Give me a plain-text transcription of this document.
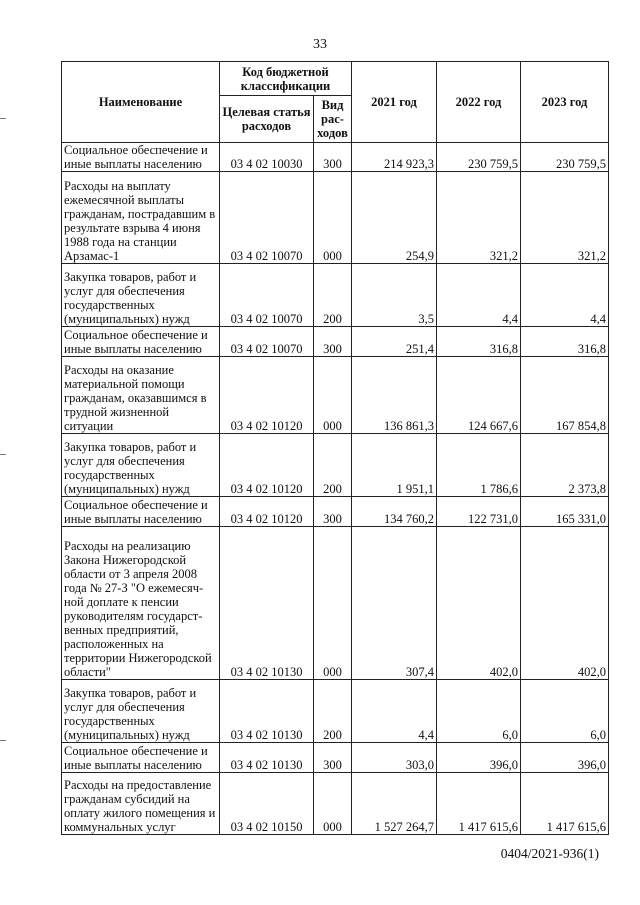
33
Наименование	Код бюджетной классификации		2021 год	2022 год	2023 год
	Целевая статья расходов	Вид рас-ходов			
Социальное обеспечение и иные выплаты населению	03 4 02 10030	300	214 923,3	230 759,5	230 759,5
Расходы на выплату ежемесячной выплаты гражданам, пострадавшим в результате взрыва 4 июня 1988 года на станции Арзамас-1	03 4 02 10070	000	254,9	321,2	321,2
Закупка товаров, работ и услуг для обеспечения государственных (муниципальных) нужд	03 4 02 10070	200	3,5	4,4	4,4
Социальное обеспечение и иные выплаты населению	03 4 02 10070	300	251,4	316,8	316,8
Расходы на оказание материальной помощи гражданам, оказавшимся в трудной жизненной ситуации	03 4 02 10120	000	136 861,3	124 667,6	167 854,8
Закупка товаров, работ и услуг для обеспечения государственных (муниципальных) нужд	03 4 02 10120	200	1 951,1	1 786,6	2 373,8
Социальное обеспечение и иные выплаты населению	03 4 02 10120	300	134 760,2	122 731,0	165 331,0
Расходы на реализацию Закона Нижегородской области от 3 апреля 2008 года № 27-З "О ежемесяч-ной доплате к пенсии руководителям государст-венных предприятий, расположенных на территории Нижегородской области"	03 4 02 10130	000	307,4	402,0	402,0
Закупка товаров, работ и услуг для обеспечения государственных (муниципальных) нужд	03 4 02 10130	200	4,4	6,0	6,0
Социальное обеспечение и иные выплаты населению	03 4 02 10130	300	303,0	396,0	396,0
Расходы на предоставление гражданам субсидий на оплату жилого помещения и коммунальных услуг	03 4 02 10150	000	1 527 264,7	1 417 615,6	1 417 615,6
0404/2021-936(1)
